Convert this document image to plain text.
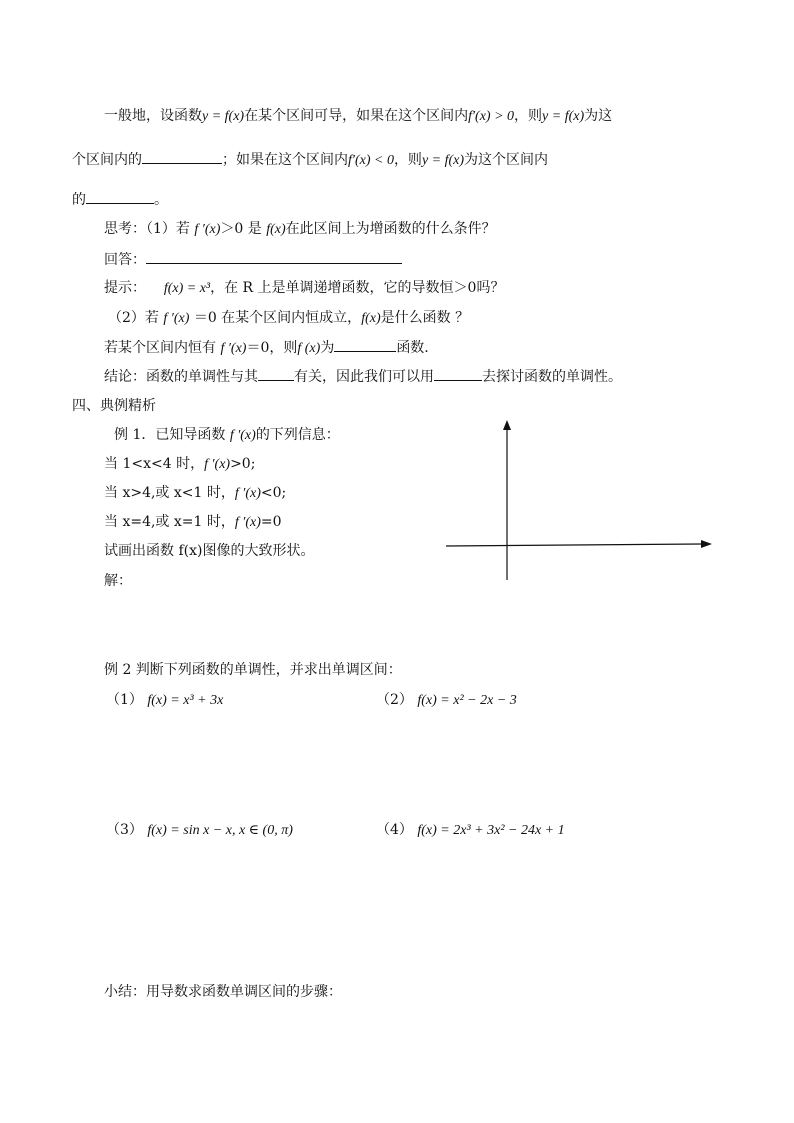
一般地，设函数y = f(x)在某个区间可导，如果在这个区间内f′(x) > 0，则y = f(x)为这
个区间内的	；如果在这个区间内f′(x) < 0，则y = f(x)为这个区间内
的	。
思考：（1）若 f ′(x)＞0 是 f(x)在此区间上为增函数的什么条件？
回答：
提示： f(x) = x³，在 R 上是单调递增函数，它的导数恒＞0吗？
（2）若 f ′(x) ＝0 在某个区间内恒成立，f(x)是什么函数 ？
若某个区间内恒有 f ′(x)＝0，则f (x)为	函数.
结论：函数的单调性与其	有关，因此我们可以用	去探讨函数的单调性。
四、典例精析
例 1．已知导函数 f ′(x)的下列信息：
当 1<x<4 时，f ′(x)>0;
当 x>4,或 x<1 时，f ′(x)<0;
当 x=4,或 x=1 时，f ′(x)=0
试画出函数 f(x)图像的大致形状。
解：
例 2 判断下列函数的单调性，并求出单调区间：
（1） f(x) = x³ + 3x	（2） f(x) = x² − 2x − 3
（3） f(x) = sin x − x, x ∈ (0, π)	（4） f(x) = 2x³ + 3x² − 24x + 1
小结：用导数求函数单调区间的步骤：
